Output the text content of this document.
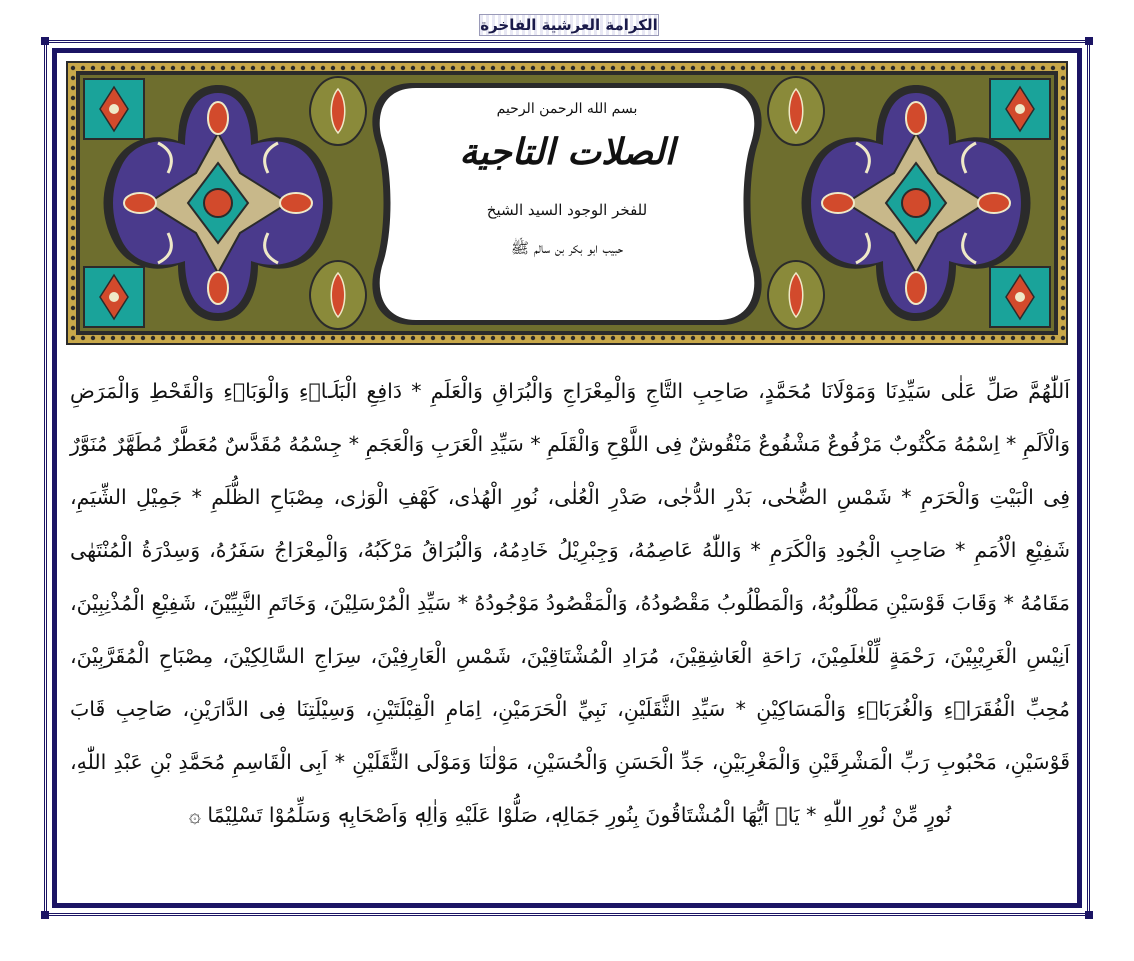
الكرامة العرشية الفاخرة
بسم الله الرحمن الرحيم
الصلات التاجية
للفخر الوجود السيد الشيخ
حبيب ابو بكر بن سالم ﷺ
اَللّٰهُمَّ صَلِّ عَلٰى سَيِّدِنَا وَمَوْلَانَا مُحَمَّدٍ، صَاحِبِ التَّاجِ وَالْمِعْرَاجِ وَالْبُرَاقِ وَالْعَلَمِ * دَافِعِ الْبَلَاۤءِ وَالْوَبَاۤءِ وَالْقَحْطِ وَالْمَرَضِ وَالْاَلَمِ * اِسْمُهُ مَكْتُوبٌ مَرْفُوعٌ مَشْفُوعٌ مَنْقُوشٌ فِى اللَّوْحِ وَالْقَلَمِ * سَيِّدِ الْعَرَبِ وَالْعَجَمِ * جِسْمُهُ مُقَدَّسٌ مُعَطَّرٌ مُطَهَّرٌ مُنَوَّرٌ فِى الْبَيْتِ وَالْحَرَمِ * شَمْسِ الضُّحٰى، بَدْرِ الدُّجٰى، صَدْرِ الْعُلٰى، نُورِ الْهُدٰى، كَهْفِ الْوَرٰى، مِصْبَاحِ الظُّلَمِ * جَمِيْلِ الشِّيَمِ، شَفِيْعِ الْاُمَمِ * صَاحِبِ الْجُودِ وَالْكَرَمِ * وَاللّٰهُ عَاصِمُهُ، وَجِبْرِيْلُ خَادِمُهُ، وَالْبُرَاقُ مَرْكَبُهُ، وَالْمِعْرَاجُ سَفَرُهُ، وَسِدْرَةُ الْمُنْتَهٰى مَقَامُهُ * وَقَابَ قَوْسَيْنِ مَطْلُوبُهُ، وَالْمَطْلُوبُ مَقْصُودُهُ، وَالْمَقْصُودُ مَوْجُودُهُ * سَيِّدِ الْمُرْسَلِيْنَ، وَخَاتَمِ النَّبِيِّيْنَ، شَفِيْعِ الْمُذْنِبِيْنَ، اَنِيْسِ الْغَرِيْبِيْنَ، رَحْمَةٍ لِّلْعٰلَمِيْنَ، رَاحَةِ الْعَاشِقِيْنَ، مُرَادِ الْمُشْتَاقِيْنَ، شَمْسِ الْعَارِفِيْنَ، سِرَاجِ السَّالِكِيْنَ، مِصْبَاحِ الْمُقَرَّبِيْنَ، مُحِبِّ الْفُقَرَاۤءِ وَالْغُرَبَاۤءِ وَالْمَسَاكِيْنِ * سَيِّدِ الثَّقَلَيْنِ، نَبِيِّ الْحَرَمَيْنِ، اِمَامِ الْقِبْلَتَيْنِ، وَسِيْلَتِنَا فِى الدَّارَيْنِ، صَاحِبِ قَابَ قَوْسَيْنِ، مَحْبُوبِ رَبِّ الْمَشْرِقَيْنِ وَالْمَغْرِبَيْنِ، جَدِّ الْحَسَنِ وَالْحُسَيْنِ، مَوْلٰنَا وَمَوْلَى الثَّقَلَيْنِ * اَبِى الْقَاسِمِ مُحَمَّدِ بْنِ عَبْدِ اللّٰهِ، نُورٍ مِّنْ نُورِ اللّٰهِ * يَاۤ اَيُّهَا الْمُشْتَاقُونَ بِنُورِ جَمَالِهٖ، صَلُّوْا عَلَيْهِ وَاٰلِهٖ وَاَصْحَابِهٖ وَسَلِّمُوْا تَسْلِيْمًا ۞
